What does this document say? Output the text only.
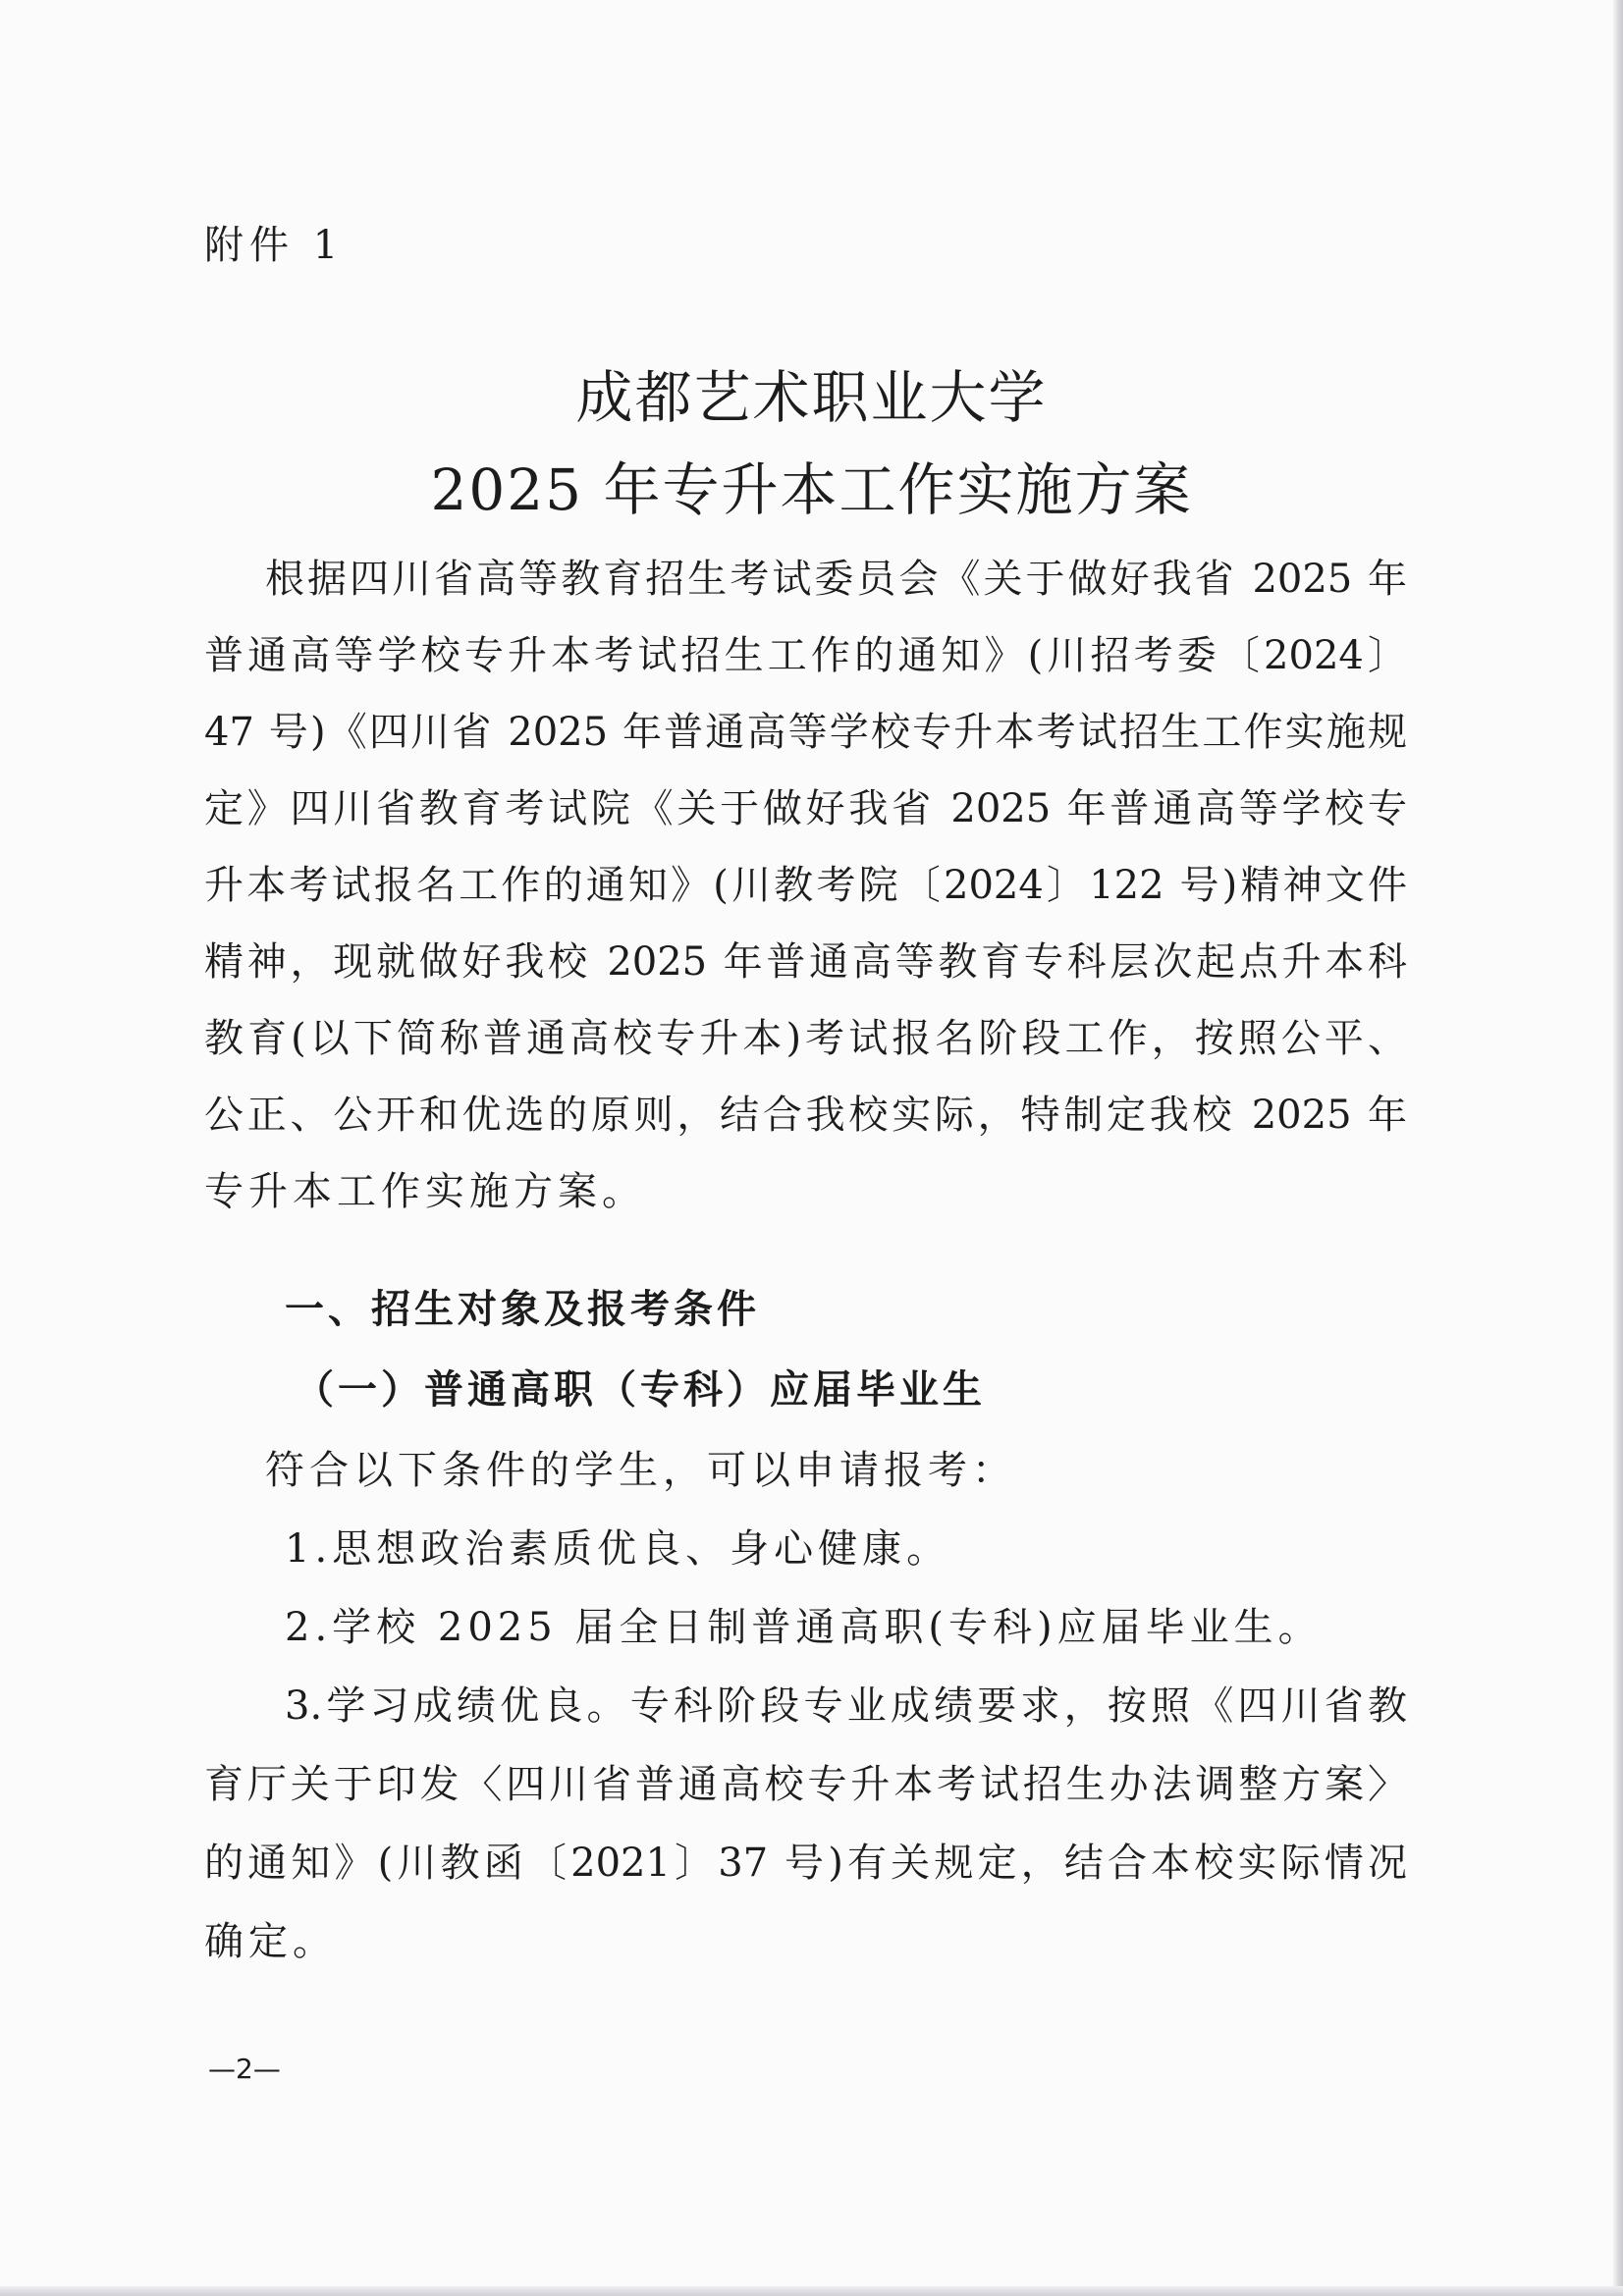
附件 1
成都艺术职业大学
2025 年专升本工作实施方案

根据四川省高等教育招生考试委员会《关于做好我省 2025 年

普通高等学校专升本考试招生工作的通知》(川招考委〔2024〕

47 号)《四川省 2025 年普通高等学校专升本考试招生工作实施规

定》四川省教育考试院《关于做好我省 2025 年普通高等学校专

升本考试报名工作的通知》(川教考院〔2024〕122 号)精神文件

精神，现就做好我校 2025 年普通高等教育专科层次起点升本科

教育(以下简称普通高校专升本)考试报名阶段工作，按照公平、

公正、公开和优选的原则，结合我校实际，特制定我校 2025 年

专升本工作实施方案。

一、招生对象及报考条件

（一）普通高职（专科）应届毕业生

符合以下条件的学生，可以申请报考：

1.思想政治素质优良、身心健康。

2.学校 2025 届全日制普通高职(专科)应届毕业生。

3.学习成绩优良。专科阶段专业成绩要求，按照《四川省教

育厅关于印发〈四川省普通高校专升本考试招生办法调整方案〉

的通知》(川教函〔2021〕37 号)有关规定，结合本校实际情况

确定。

—2—
